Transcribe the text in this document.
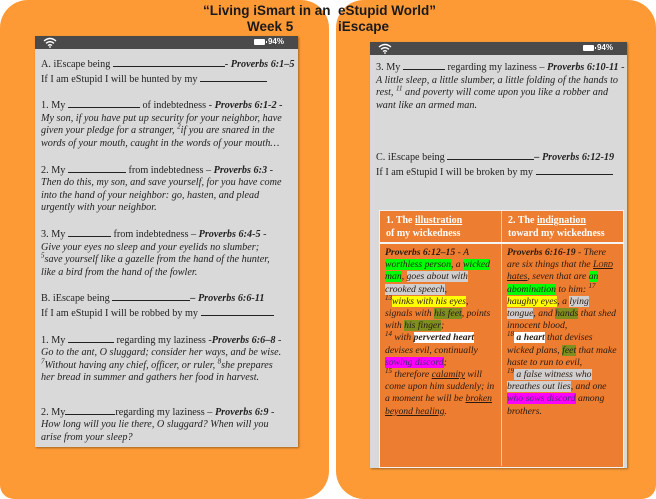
“Living iSmart in an eStupid World”
Week 5	iEscape
94%
A. iEscape being	- Proverbs 6:1–5
If I am eStupid I will be hunted by my
1. My	of indebtedness - Proverbs 6:1-2 -
My son, if you have put up security for your neighbor, have
given your pledge for a stranger, $^2$if you are snared in the
words of your mouth, caught in the words of your mouth…
2. My	from indebtedness – Proverbs 6:3 -
Then do this, my son, and save yourself, for you have come
into the hand of your neighbor: go, hasten, and plead
urgently with your neighbor.
3. My	from indebtedness – Proverbs 6:4-5 -
Give your eyes no sleep and your eyelids no slumber;
$^5$save yourself like a gazelle from the hand of the hunter,
like a bird from the hand of the fowler.
B. iEscape being	– Proverbs 6:6-11
If I am eStupid I will be robbed by my
1. My	regarding my laziness -Proverbs 6:6–8 -
Go to the ant, O sluggard; consider her ways, and be wise.
$^7$Without having any chief, officer, or ruler, $^8$she prepares
her bread in summer and gathers her food in harvest.
2. My	regarding my laziness – Proverbs 6:9 -
How long will you lie there, O sluggard? When will you
arise from your sleep?
94%
3. My	regarding my laziness – Proverbs 6:10-11 -
A little sleep, a little slumber, a little folding of the hands to
rest, $^{11}$ and poverty will come upon you like a robber and
want like an armed man.
C. iEscape being	– Proverbs 6:12-19
If I am eStupid I will be broken by my
1. The illustration
of my wickedness
2. The indignation
toward my wickedness
Proverbs 6:12–15 - A worthless person, a wicked man, goes about with crooked speech,
$^{13}$winks with his eyes, signals with his feet, points with his finger;
$^{14}$ with perverted heart devises evil, continually sowing discord;
$^{15}$ therefore calamity will come upon him suddenly; in a moment he will be broken beyond healing.
Proverbs 6:16-19 - There are six things that the Lord hates, seven that are an abomination to him: $^{17}$ haughty eyes, a lying tongue, and hands that shed innocent blood,
$^{18}$ a heart that devises wicked plans, feet that make haste to run to evil,
$^{19}$ a false witness who breathes out lies, and one who sows discord among brothers.
